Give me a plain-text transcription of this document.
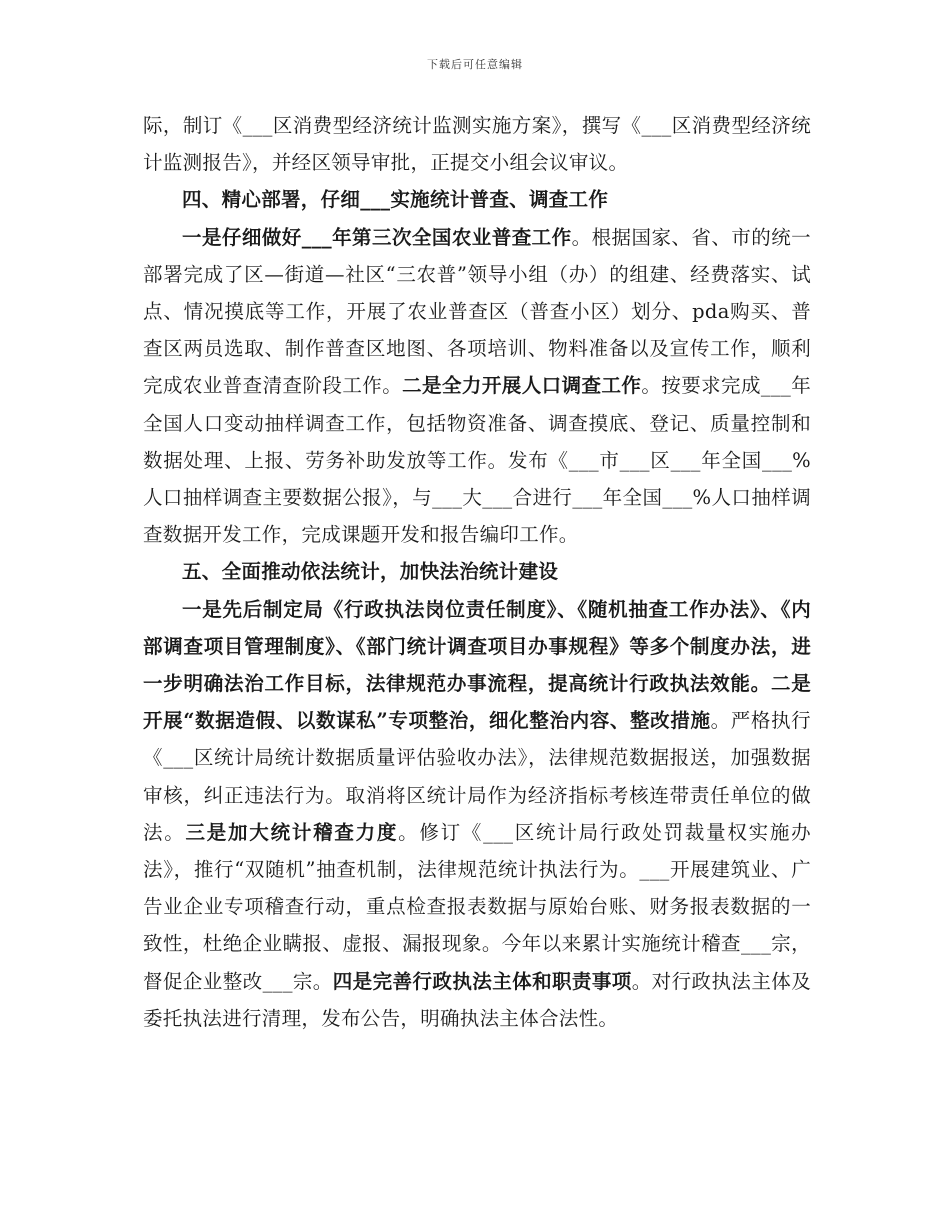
下载后可任意编辑

际，制订《___区消费型经济统计监测实施方案》，撰写《___区消费型经济统计监测报告》，并经区领导审批，正提交小组会议审议。

四、精心部署，仔细___实施统计普查、调查工作

一是仔细做好___年第三次全国农业普查工作。根据国家、省、市的统一部署完成了区—街道—社区“三农普”领导小组（办）的组建、经费落实、试点、情况摸底等工作，开展了农业普查区（普查小区）划分、pda购买、普查区两员选取、制作普查区地图、各项培训、物料准备以及宣传工作，顺利完成农业普查清查阶段工作。二是全力开展人口调查工作。按要求完成___年全国人口变动抽样调查工作，包括物资准备、调查摸底、登记、质量控制和数据处理、上报、劳务补助发放等工作。发布《___市___区___年全国___%人口抽样调查主要数据公报》，与___大___合进行___年全国___%人口抽样调查数据开发工作，完成课题开发和报告编印工作。

五、全面推动依法统计，加快法治统计建设

一是先后制定局《行政执法岗位责任制度》、《随机抽查工作办法》、《内部调查项目管理制度》、《部门统计调查项目办事规程》等多个制度办法，进一步明确法治工作目标，法律规范办事流程，提高统计行政执法效能。二是开展“数据造假、以数谋私”专项整治，细化整治内容、整改措施。严格执行《___区统计局统计数据质量评估验收办法》，法律规范数据报送，加强数据审核，纠正违法行为。取消将区统计局作为经济指标考核连带责任单位的做法。三是加大统计稽查力度。修订《___区统计局行政处罚裁量权实施办法》，推行“双随机”抽查机制，法律规范统计执法行为。___开展建筑业、广告业企业专项稽查行动，重点检查报表数据与原始台账、财务报表数据的一致性，杜绝企业瞒报、虚报、漏报现象。今年以来累计实施统计稽查___宗，督促企业整改___宗。四是完善行政执法主体和职责事项。对行政执法主体及委托执法进行清理，发布公告，明确执法主体合法性。
